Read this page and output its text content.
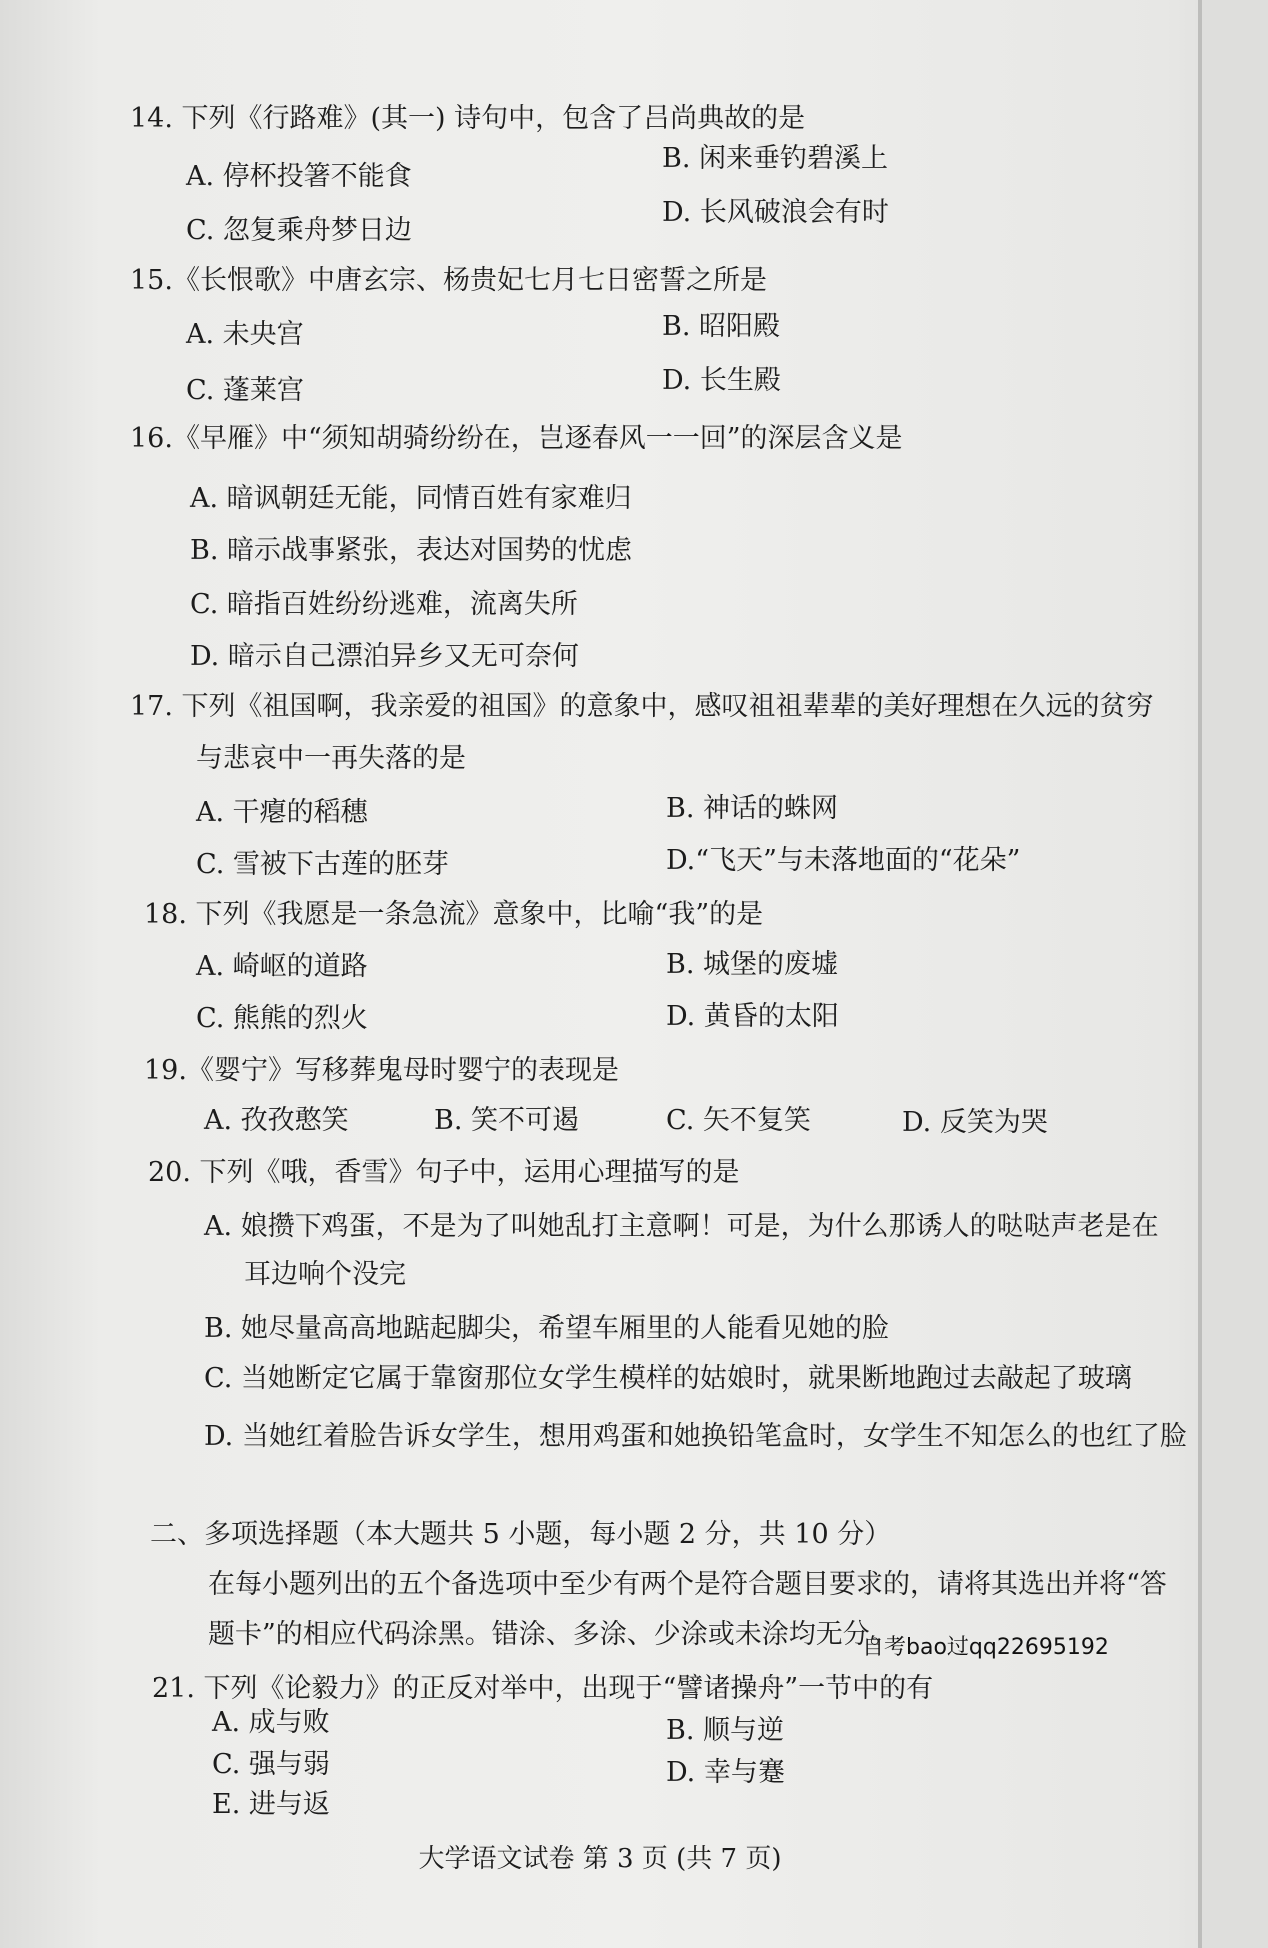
14. 下列《行路难》(其一) 诗句中，包含了吕尚典故的是
A. 停杯投箸不能食
B. 闲来垂钓碧溪上
C. 忽复乘舟梦日边
D. 长风破浪会有时
15.《长恨歌》中唐玄宗、杨贵妃七月七日密誓之所是
A. 未央宫	B. 昭阳殿
C. 蓬莱宫	D. 长生殿
16.《早雁》中“须知胡骑纷纷在，岂逐春风一一回”的深层含义是
A. 暗讽朝廷无能，同情百姓有家难归
B. 暗示战事紧张，表达对国势的忧虑
C. 暗指百姓纷纷逃难，流离失所
D. 暗示自己漂泊异乡又无可奈何
17. 下列《祖国啊，我亲爱的祖国》的意象中，感叹祖祖辈辈的美好理想在久远的贫穷
与悲哀中一再失落的是
A. 干瘪的稻穗	B. 神话的蛛网
C. 雪被下古莲的胚芽	D.“飞天”与未落地面的“花朵”
18. 下列《我愿是一条急流》意象中，比喻“我”的是
A. 崎岖的道路	B. 城堡的废墟
C. 熊熊的烈火	D. 黄昏的太阳
19.《婴宁》写移葬鬼母时婴宁的表现是
A. 孜孜憨笑	B. 笑不可遏	C. 矢不复笑	D. 反笑为哭
20. 下列《哦，香雪》句子中，运用心理描写的是
A. 娘攒下鸡蛋，不是为了叫她乱打主意啊！可是，为什么那诱人的哒哒声老是在
耳边响个没完
B. 她尽量高高地踮起脚尖，希望车厢里的人能看见她的脸
C. 当她断定它属于靠窗那位女学生模样的姑娘时，就果断地跑过去敲起了玻璃
D. 当她红着脸告诉女学生，想用鸡蛋和她换铅笔盒时，女学生不知怎么的也红了脸
二、多项选择题（本大题共 5 小题，每小题 2 分，共 10 分）
在每小题列出的五个备选项中至少有两个是符合题目要求的，请将其选出并将“答
题卡”的相应代码涂黑。错涂、多涂、少涂或未涂均无分。
自考bao过qq22695192
21. 下列《论毅力》的正反对举中，出现于“譬诸操舟”一节中的有
A. 成与败	B. 顺与逆
C. 强与弱	D. 幸与蹇
E. 进与返
大学语文试卷 第 3 页 (共 7 页)
